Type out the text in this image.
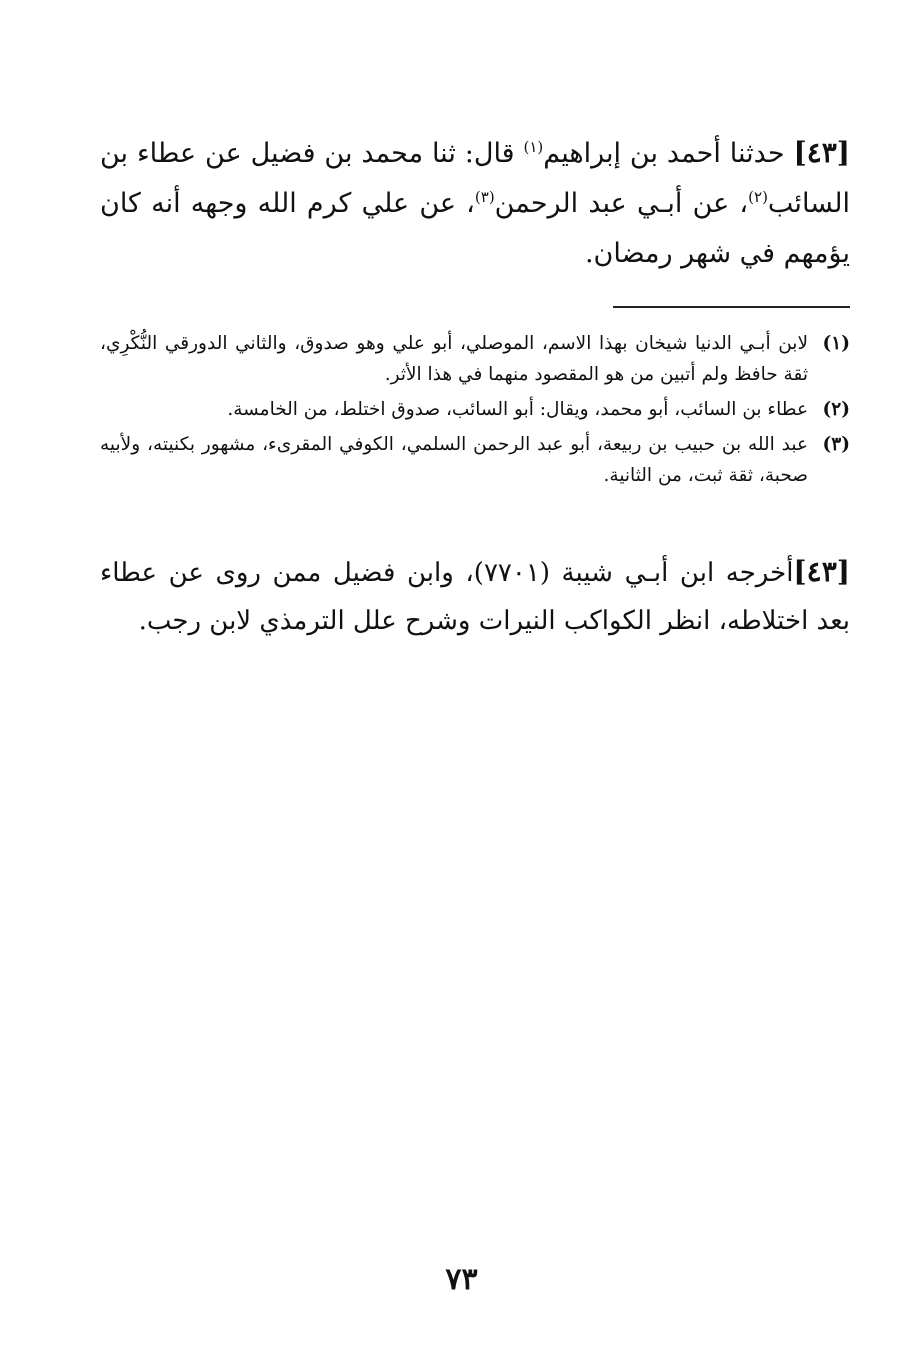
[٤٣] حدثنا أحمد بن إبراهيم$^{(١)}$ قال: ثنا محمد بن فضيل عن عطاء بن السائب$^{(٢)}$، عن أبـي عبد الرحمن$^{(٣)}$، عن علي كرم الله وجهه أنه كان يؤمهم في شهر رمضان.
(١)
لابن أبـي الدنيا شيخان بهذا الاسم، الموصلي، أبو علي وهو صدوق، والثاني الدورقي النُّكْرِي، ثقة حافظ ولم أتبين من هو المقصود منهما في هذا الأثر.
(٢)
عطاء بن السائب، أبو محمد، ويقال: أبو السائب، صدوق اختلط، من الخامسة.
(٣)
عبد الله بن حبيب بن ربيعة، أبو عبد الرحمن السلمي، الكوفي المقرىء، مشهور بكنيته، ولأبيه صحبة، ثقة ثبت، من الثانية.
[٤٣]أخرجه ابن أبـي شيبة (٧٧٠١)، وابن فضيل ممن روى عن عطاء بعد اختلاطه، انظر الكواكب النيرات وشرح علل الترمذي لابن رجب.
٧٣
